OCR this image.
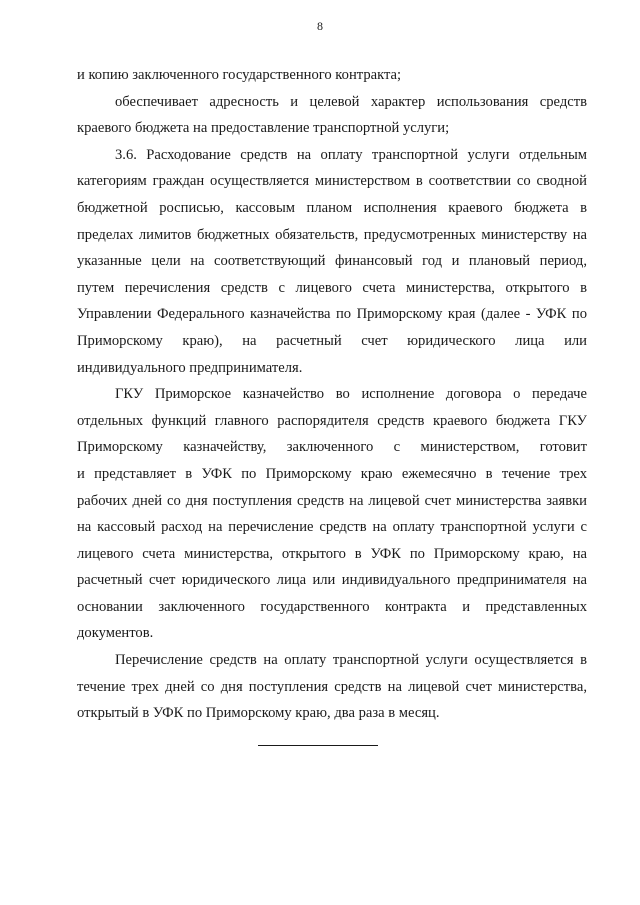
8
и копию заключенного государственного контракта;
обеспечивает адресность и целевой характер использования средств
краевого бюджета на предоставление транспортной услуги;
3.6. Расходование средств на оплату транспортной услуги отдельным
категориям граждан осуществляется министерством в соответствии со сводной
бюджетной росписью, кассовым планом исполнения краевого бюджета в
пределах лимитов бюджетных обязательств, предусмотренных министерству на
указанные цели на соответствующий финансовый год и плановый период,
путем перечисления средств с лицевого счета министерства, открытого в
Управлении Федерального казначейства по Приморскому края (далее - УФК по
Приморскому краю), на расчетный счет юридического лица или
индивидуального предпринимателя.
ГКУ Приморское казначейство во исполнение договора о передаче
отдельных функций главного распорядителя средств краевого бюджета ГКУ
Приморскому казначейству, заключенного с министерством, готовит
и представляет в УФК по Приморскому краю ежемесячно в течение трех
рабочих дней со дня поступления средств на лицевой счет министерства заявки
на кассовый расход на перечисление средств на оплату транспортной услуги с
лицевого счета министерства, открытого в УФК по Приморскому краю, на
расчетный счет юридического лица или индивидуального предпринимателя на
основании заключенного государственного контракта и представленных
документов.
Перечисление средств на оплату транспортной услуги осуществляется в
течение трех дней со дня поступления средств на лицевой счет министерства,
открытый в УФК по Приморскому краю, два раза в месяц.
